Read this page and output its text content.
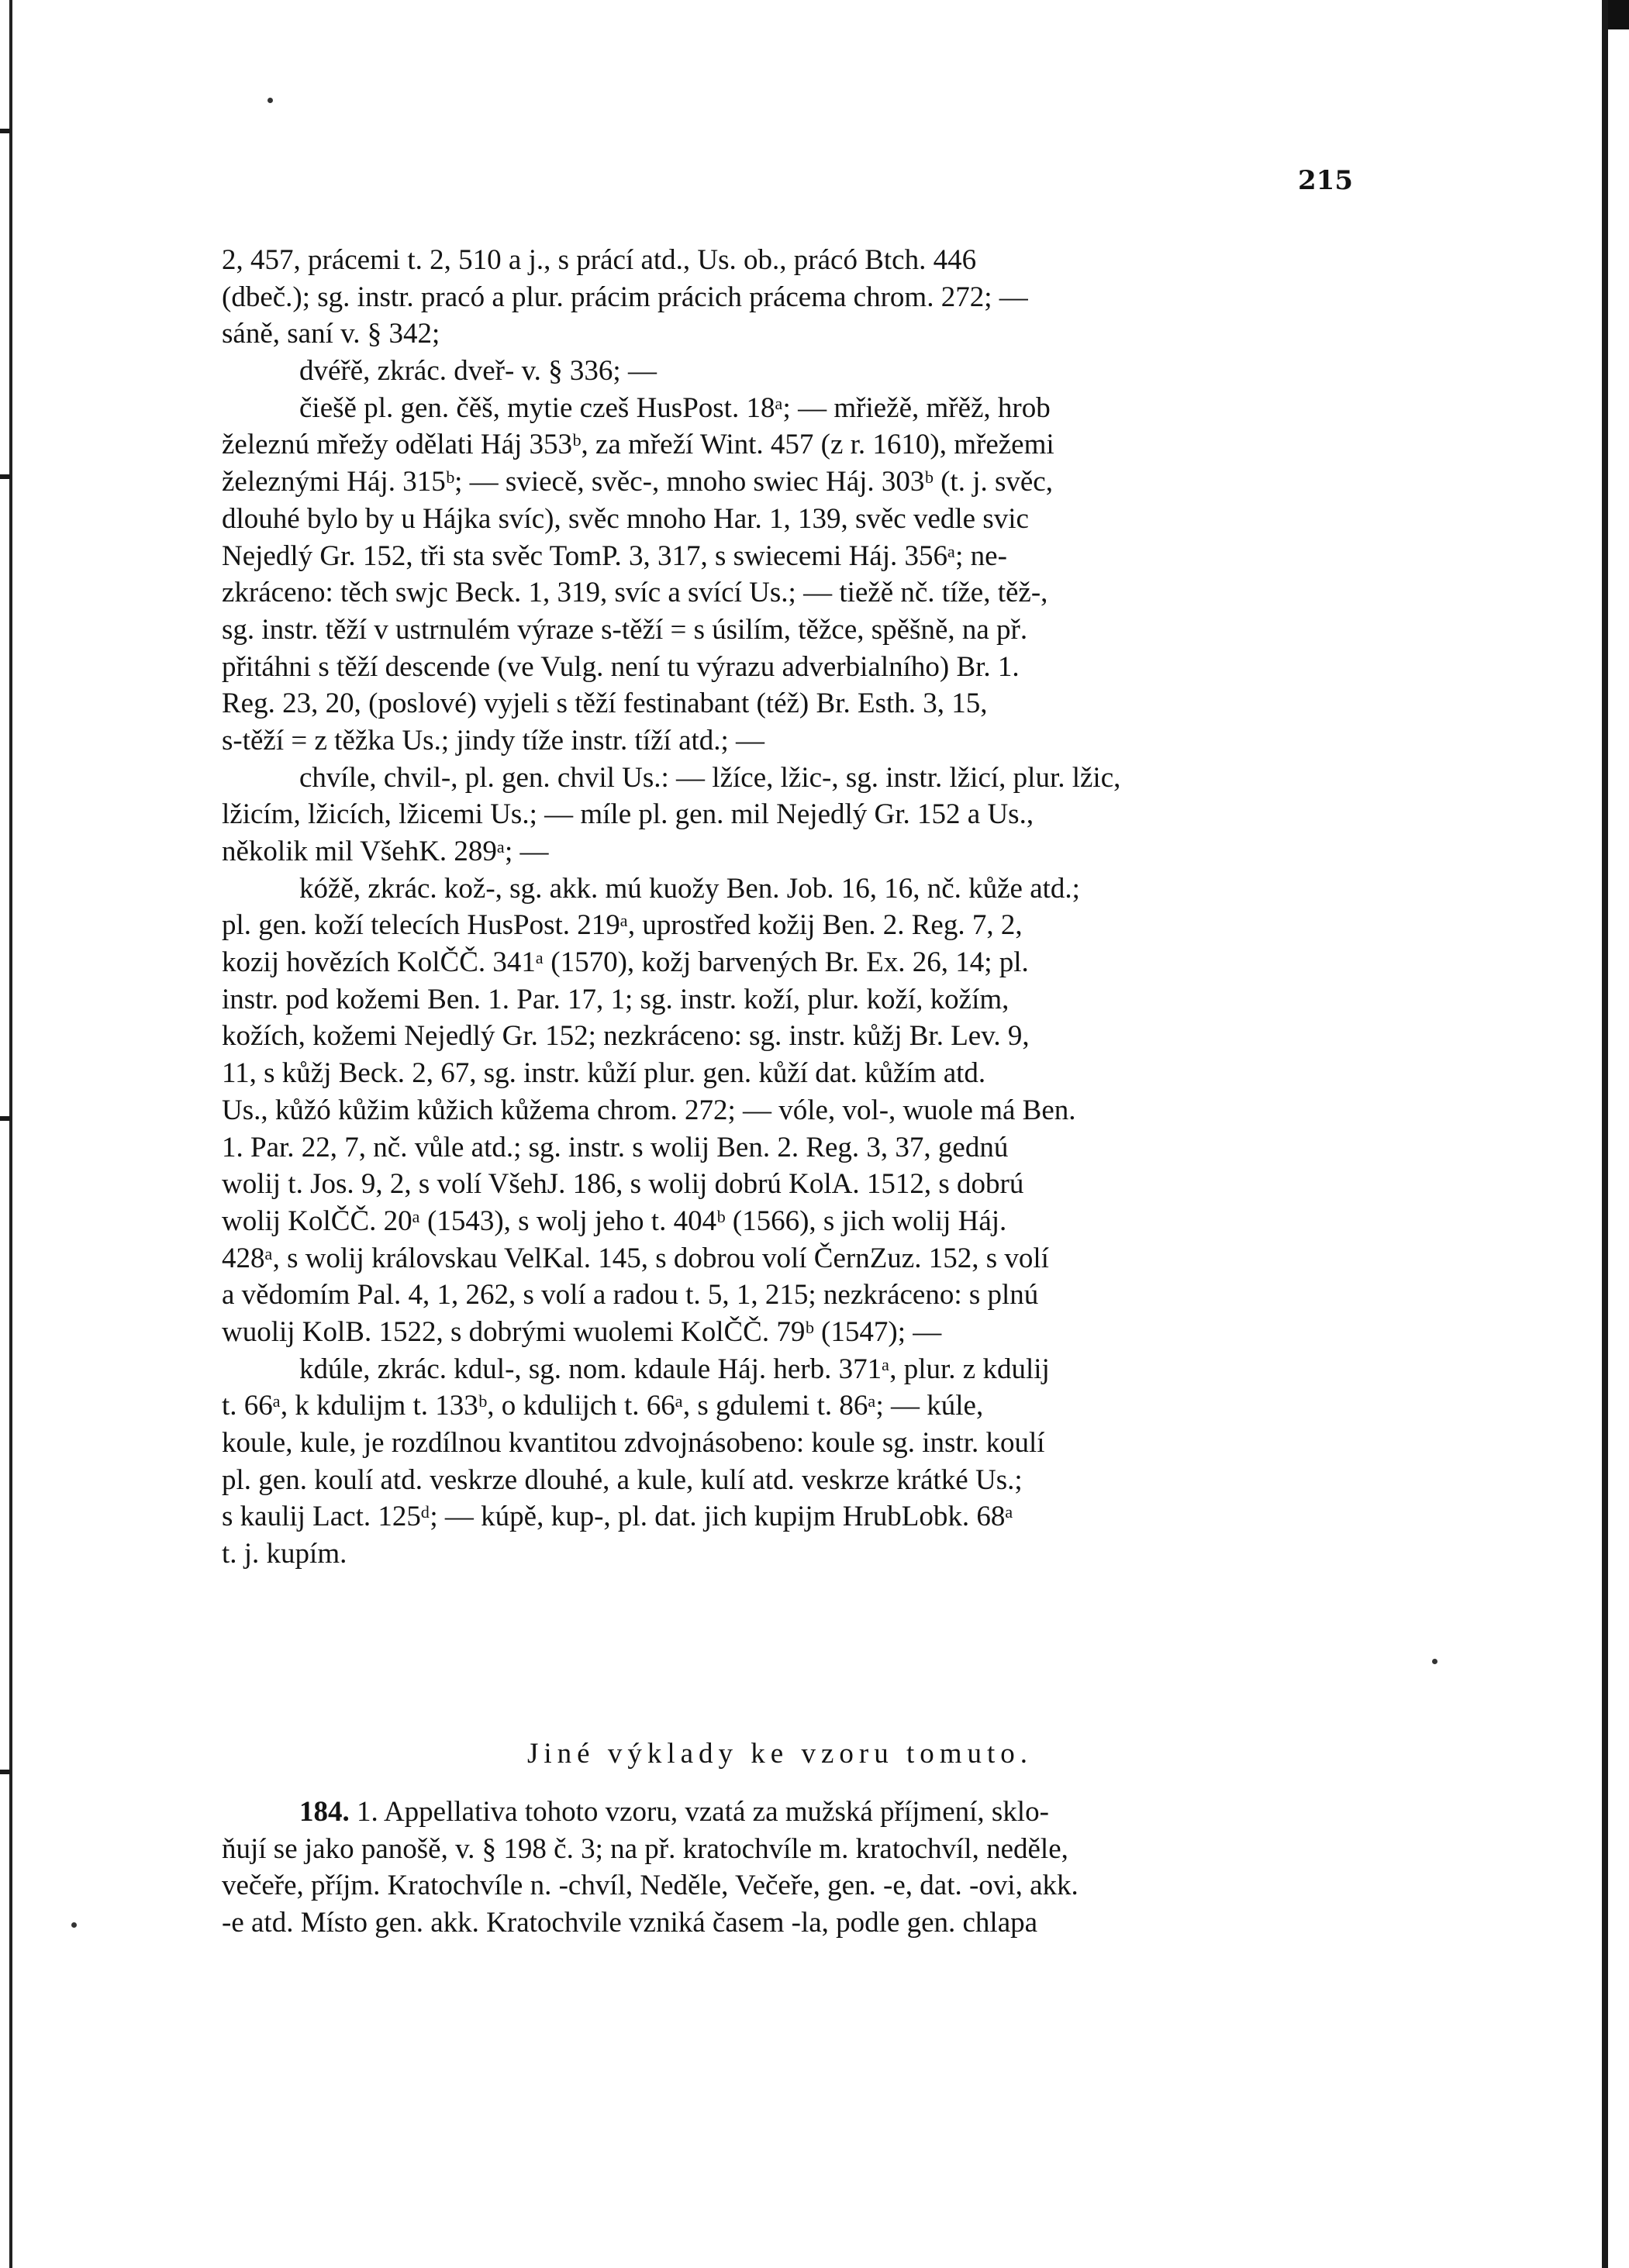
215
2, 457, prácemi t. 2, 510 a j., s prácí atd., Us. ob., prácó Btch. 446
(dbeč.); sg. instr. pracó a plur. prácim prácich prácema chrom. 272; —
sáně, saní v. § 342;
dvéřě, zkrác. dveř- v. § 336; —
čiešě pl. gen. čěš, mytie czeš HusPost. 18ᵃ; — mřiežě, mřěž, hrob
železnú mřežy odělati Háj 353ᵇ, za mřeží Wint. 457 (z r. 1610), mřežemi
železnými Háj. 315ᵇ; — sviecě, svěc-, mnoho swiec Háj. 303ᵇ (t. j. svěc,
dlouhé bylo by u Hájka svíc), svěc mnoho Har. 1, 139, svěc vedle svic
Nejedlý Gr. 152, tři sta svěc TomP. 3, 317, s swiecemi Háj. 356ᵃ; ne-
zkráceno: těch swjc Beck. 1, 319, svíc a svící Us.; — tiežě nč. tíže, těž-,
sg. instr. těží v ustrnulém výraze s-těží = s úsilím, těžce, spěšně, na př.
přitáhni s těží descende (ve Vulg. není tu výrazu adverbialního) Br. 1.
Reg. 23, 20, (poslové) vyjeli s těží festinabant (též) Br. Esth. 3, 15,
s-těží = z těžka Us.; jindy tíže instr. tíží atd.; —
chvíle, chvil-, pl. gen. chvil Us.: — lžíce, lžic-, sg. instr. lžicí, plur. lžic,
lžicím, lžicích, lžicemi Us.; — míle pl. gen. mil Nejedlý Gr. 152 a Us.,
několik mil VšehK. 289ᵃ; —
kóžě, zkrác. kož-, sg. akk. mú kuožy Ben. Job. 16, 16, nč. kůže atd.;
pl. gen. koží telecích HusPost. 219ᵃ, uprostřed kožij Ben. 2. Reg. 7, 2,
kozij hovězích KolČČ. 341ᵃ (1570), kožj barvených Br. Ex. 26, 14; pl.
instr. pod kožemi Ben. 1. Par. 17, 1; sg. instr. koží, plur. koží, kožím,
kožích, kožemi Nejedlý Gr. 152; nezkráceno: sg. instr. kůžj Br. Lev. 9,
11, s kůžj Beck. 2, 67, sg. instr. kůží plur. gen. kůží dat. kůžím atd.
Us., kůžó kůžim kůžich kůžema chrom. 272; — vóle, vol-, wuole má Ben.
1. Par. 22, 7, nč. vůle atd.; sg. instr. s wolij Ben. 2. Reg. 3, 37, gednú
wolij t. Jos. 9, 2, s volí VšehJ. 186, s wolij dobrú KolA. 1512, s dobrú
wolij KolČČ. 20ᵃ (1543), s wolj jeho t. 404ᵇ (1566), s jich wolij Háj.
428ᵃ, s wolij královskau VelKal. 145, s dobrou volí ČernZuz. 152, s volí
a vědomím Pal. 4, 1, 262, s volí a radou t. 5, 1, 215; nezkráceno: s plnú
wuolij KolB. 1522, s dobrými wuolemi KolČČ. 79ᵇ (1547); —
kdúle, zkrác. kdul-, sg. nom. kdaule Háj. herb. 371ᵃ, plur. z kdulij
t. 66ᵃ, k kdulijm t. 133ᵇ, o kdulijch t. 66ᵃ, s gdulemi t. 86ᵃ; — kúle,
koule, kule, je rozdílnou kvantitou zdvojnásobeno: koule sg. instr. koulí
pl. gen. koulí atd. veskrze dlouhé, a kule, kulí atd. veskrze krátké Us.;
s kaulij Lact. 125ᵈ; — kúpě, kup-, pl. dat. jich kupijm HrubLobk. 68ᵃ
t. j. kupím.
Jiné výklady ke vzoru tomuto.
184. 1. Appellativa tohoto vzoru, vzatá za mužská příjmení, sklo-
ňují se jako panošě, v. § 198 č. 3; na př. kratochvíle m. kratochvíl, neděle,
večeře, příjm. Kratochvíle n. -chvíl, Neděle, Večeře, gen. -e, dat. -ovi, akk.
-e atd. Místo gen. akk. Kratochvile vzniká časem -la, podle gen. chlapa
